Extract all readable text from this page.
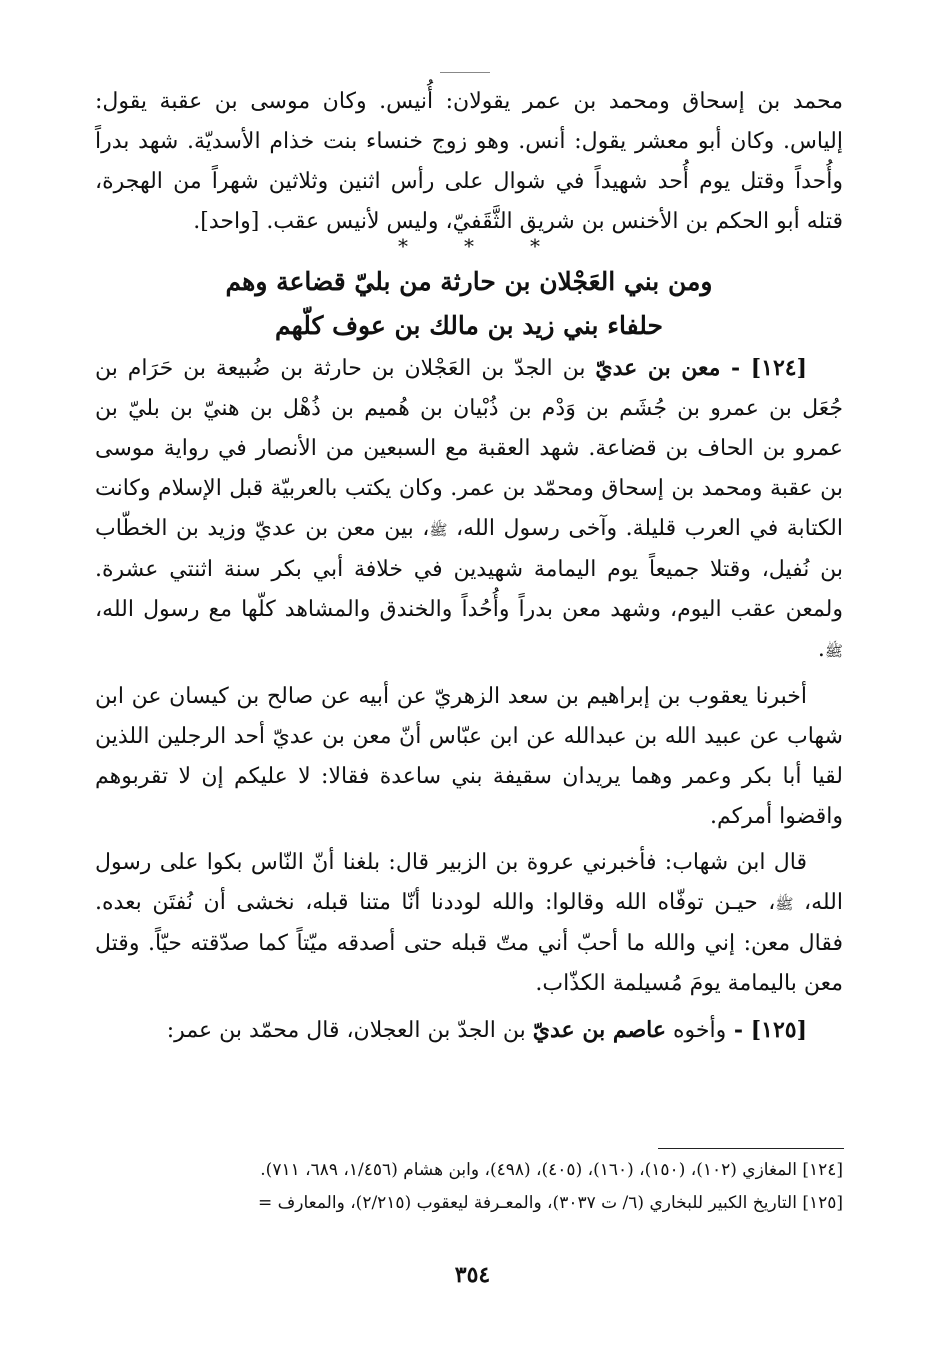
محمد بن إسحاق ومحمد بن عمر يقولان: أُنيس. وكان موسى بن عقبة يقول: إلياس. وكان أبو معشر يقول: أنس. وهو زوج خنساء بنت خذام الأسديّة. شهد بدراً وأُحداً وقتل يوم أُحد شهيداً في شوال على رأس اثنين وثلاثين شهراً من الهجرة، قتله أبو الحكم بن الأخنس بن شريق الثَّقَفيّ، وليس لأنيس عقب. [واحد].

***

ومن بني العَجْلان بن حارثة من بليّ قضاعة وهم
حلفاء بني زيد بن مالك بن عوف كلّهم

[١٢٤] - معن بن عديّ بن الجدّ بن العَجْلان بن حارثة بن ضُبيعة بن حَرَام بن جُعَل بن عمرو بن جُشَم بن وَدْم بن ذُبْيان بن هُميم بن ذُهْل بن هنيّ بن بليّ بن عمرو بن الحاف بن قضاعة. شهد العقبة مع السبعين من الأنصار في رواية موسى بن عقبة ومحمد بن إسحاق ومحمّد بن عمر. وكان يكتب بالعربيّة قبل الإسلام وكانت الكتابة في العرب قليلة. وآخى رسول الله، ﷺ، بين معن بن عديّ وزيد بن الخطّاب بن نُفيل، وقتلا جميعاً يوم اليمامة شهيدين في خلافة أبي بكر سنة اثنتي عشرة. ولمعن عقب اليوم، وشهد معن بدراً وأُحُداً والخندق والمشاهد كلّها مع رسول الله، ﷺ.

أخبرنا يعقوب بن إبراهيم بن سعد الزهريّ عن أبيه عن صالح بن كيسان عن ابن شهاب عن عبيد الله بن عبدالله عن ابن عبّاس أنّ معن بن عديّ أحد الرجلين اللذين لقيا أبا بكر وعمر وهما يريدان سقيفة بني ساعدة فقالا: لا عليكم إن لا تقربوهم واقضوا أمركم.

قال ابن شهاب: فأخبرني عروة بن الزبير قال: بلغنا أنّ النّاس بكوا على رسول الله، ﷺ، حيـن توفّاه الله وقالوا: والله لوددنا أنّا متنا قبله، نخشى أن نُفتَن بعده. فقال معن: إني والله ما أحبّ أني متّ قبله حتى أصدقه ميّتاً كما صدّقته حيّاً. وقتل معن باليمامة يومَ مُسيلمة الكذّاب.

[١٢٥] - وأخوه عاصم بن عديّ بن الجدّ بن العجلان، قال محمّد بن عمر:

[١٢٤] المغازي (١٠٢)، (١٥٠)، (١٦٠)، (٤٠٥)، (٤٩٨)، وابن هشام (١/٤٥٦، ٦٨٩، ٧١١).

[١٢٥] التاريخ الكبير للبخاري (٦/ ت ٣٠٣٧)، والمعـرفة ليعقوب (٢/٢١٥)، والمعارف =

٣٥٤
